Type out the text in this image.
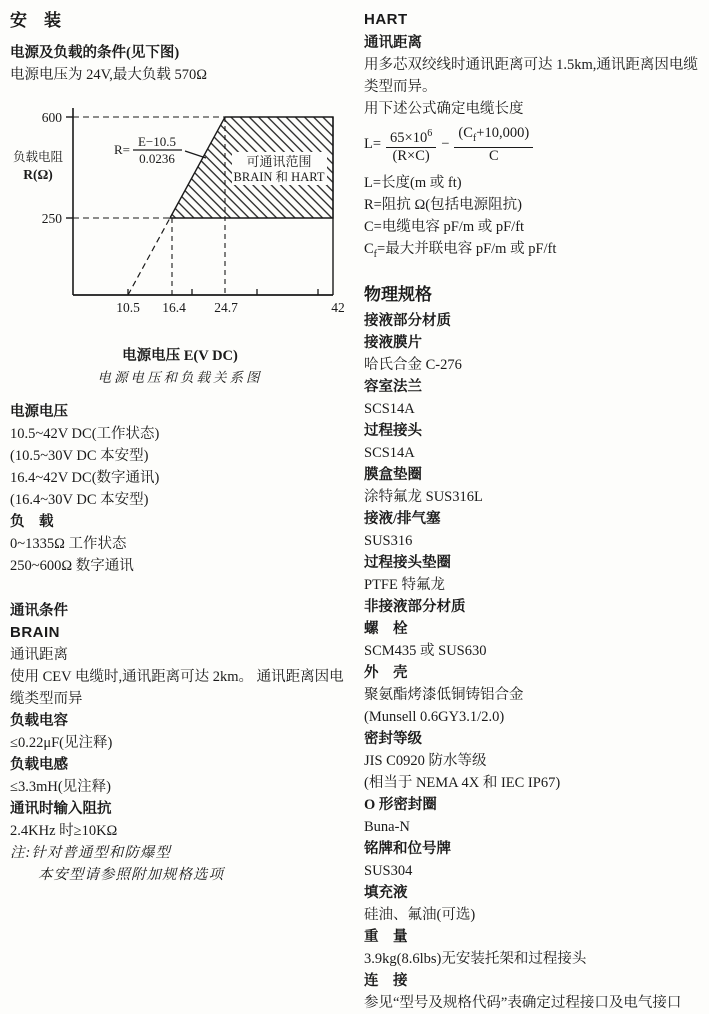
安　装
电源及负载的条件(见下图)
电源电压为 24V,最大负载 570Ω
600
250
负载电阻
R(Ω)
R=
E−10.5
0.0236	可通讯范围
BRAIN 和 HART
10.5 16.4 24.7	42
电源电压 E(V DC)
电源电压和负载关系图
电源电压
10.5~42V DC(工作状态)
(10.5~30V DC 本安型)
16.4~42V DC(数字通讯)
(16.4~30V DC 本安型)
负　载
0~1335Ω 工作状态
250~600Ω 数字通讯
通讯条件
BRAIN
通讯距离
使用 CEV 电缆时,通讯距离可达 2km。 通讯距离因电缆类型而异
负载电容
≤0.22μF(见注释)
负载电感
≤3.3mH(见注释)
通讯时输入阻抗
2.4KHz 时≥10KΩ
注:针对普通型和防爆型
本安型请参照附加规格选项
HART
通讯距离
用多芯双绞线时通讯距离可达 1.5km,通讯距离因电缆类型而异。
用下述公式确定电缆长度
$L = \frac{65\times 10^6}{(R\times C)} - \frac{(C_f+10,000)}{C}$
L=长度(m 或 ft)
R=阻抗 Ω(包括电源阻抗)
C=电缆电容 pF/m 或 pF/ft
$C_f=$最大并联电容 pF/m 或 pF/ft
物理规格
接液部分材质
接液膜片
哈氏合金 C-276
容室法兰
SCS14A
过程接头
SCS14A
膜盒垫圈
涂特氟龙 SUS316L
接液/排气塞
SUS316
过程接头垫圈
PTFE 特氟龙
非接液部分材质
螺　栓
SCM435 或 SUS630
外　壳
聚氨酯烤漆低铜铸铝合金
(Munsell 0.6GY3.1/2.0)
密封等级
JIS C0920 防水等级
(相当于 NEMA 4X 和 IEC IP67)
O 形密封圈
Buna-N
铭牌和位号牌
SUS304
填充液
硅油、氟油(可选)
重　量
3.9kg(8.6lbs)无安装托架和过程接头
连　接
参见“型号及规格代码”表确定过程接口及电气接口
